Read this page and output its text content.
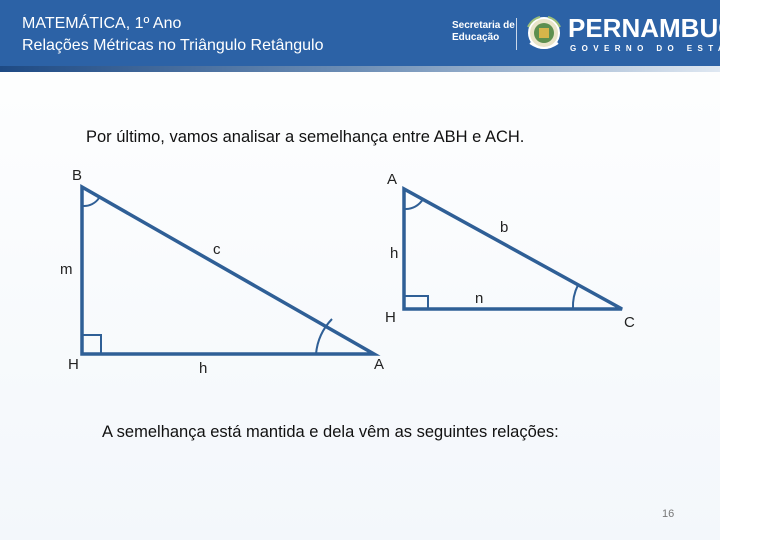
MATEMÁTICA, 1º Ano
Relações Métricas no Triângulo Retângulo
Secretaria de
Educação	PERNAMBUCO
GOVERNO DO ESTADO
Por último, vamos analisar a semelhança entre ABH e ACH.
B
m
c
H	h	A
A
b
h
n
H	C
A semelhança está mantida e dela vêm as seguintes relações:
16
